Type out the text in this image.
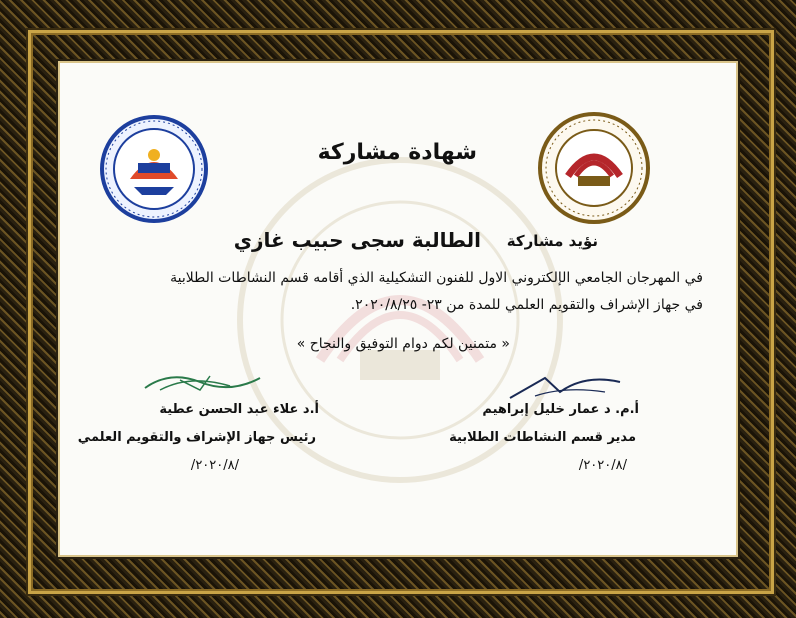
شهادة مشاركة
نؤيد مشاركة
الطالبة سجى حبيب غازي
في المهرجان الجامعي الإلكتروني الاول للفنون التشكيلية الذي أقامه قسم النشاطات الطلابية
في جهاز الإشراف والتقويم العلمي للمدة من ٢٣- ٢٠٢٠/٨/٢٥.
« متمنين لكم دوام التوفيق والنجاح »
أ.م. د عمار خليل إبراهيم
مدير قسم النشاطات الطلابية
/٢٠٢٠/٨/
أ.د علاء عبد الحسن عطية
رئيس جهاز الإشراف والتقويم العلمي
/٢٠٢٠/٨/
